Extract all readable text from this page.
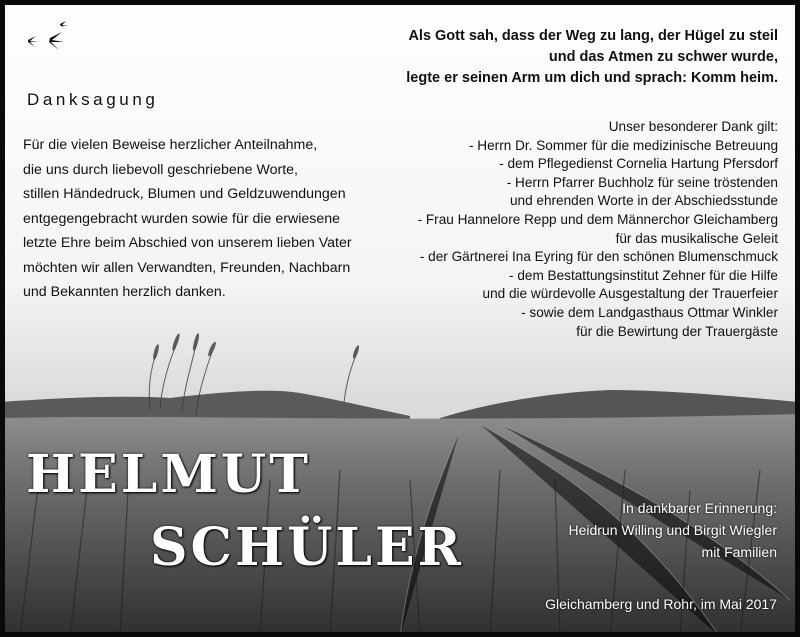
Als Gott sah, dass der Weg zu lang, der Hügel zu steil
und das Atmen zu schwer wurde,
legte er seinen Arm um dich und sprach: Komm heim.
Danksagung
Für die vielen Beweise herzlicher Anteilnahme,
die uns durch liebevoll geschriebene Worte,
stillen Händedruck, Blumen und Geldzuwendungen
entgegengebracht wurden sowie für die erwiesene
letzte Ehre beim Abschied von unserem lieben Vater
möchten wir allen Verwandten, Freunden, Nachbarn
und Bekannten herzlich danken.
Unser besonderer Dank gilt:
- Herrn Dr. Sommer für die medizinische Betreuung
- dem Pflegedienst Cornelia Hartung Pfersdorf
- Herrn Pfarrer Buchholz für seine tröstenden
und ehrenden Worte in der Abschiedsstunde
- Frau Hannelore Repp und dem Männerchor Gleichamberg
für das musikalische Geleit
- der Gärtnerei Ina Eyring für den schönen Blumenschmuck
- dem Bestattungsinstitut Zehner für die Hilfe
und die würdevolle Ausgestaltung der Trauerfeier
- sowie dem Landgasthaus Ottmar Winkler
für die Bewirtung der Trauergäste
HELMUT
SCHÜLER
In dankbarer Erinnerung:
Heidrun Willing und Birgit Wiegler
mit Familien
Gleichamberg und Rohr, im Mai 2017
